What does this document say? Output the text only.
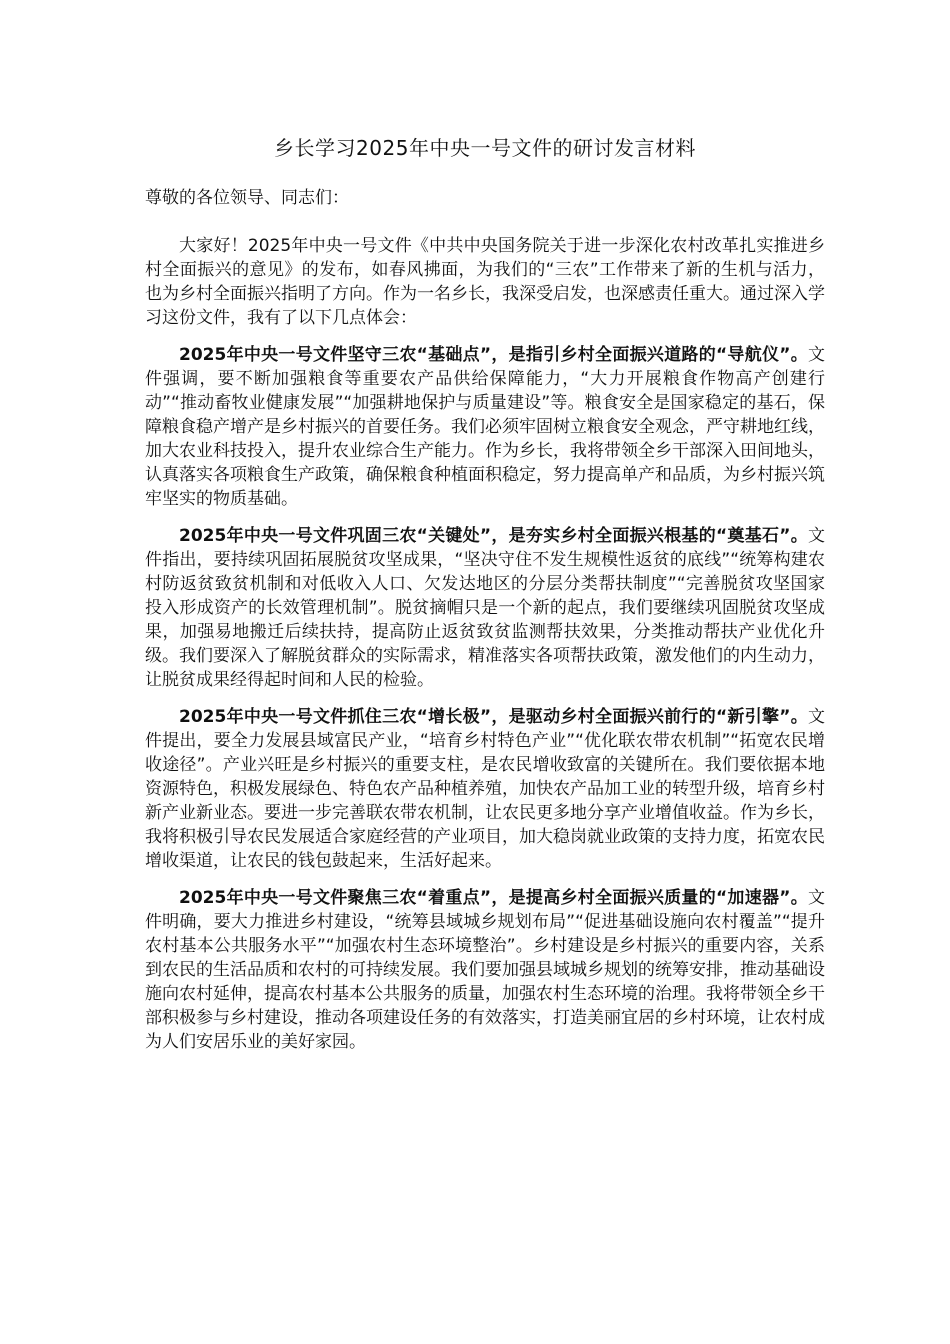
乡长学习2025年中央一号文件的研讨发言材料
尊敬的各位领导、同志们：

大家好！2025年中央一号文件《中共中央国务院关于进一步深化农村改革扎实推进乡村全面振兴的意见》的发布，如春风拂面，为我们的“三农”工作带来了新的生机与活力，也为乡村全面振兴指明了方向。作为一名乡长，我深受启发，也深感责任重大。通过深入学习这份文件，我有了以下几点体会：

2025年中央一号文件坚守三农“基础点”，是指引乡村全面振兴道路的“导航仪”。文件强调，要不断加强粮食等重要农产品供给保障能力，“大力开展粮食作物高产创建行动”“推动畜牧业健康发展”“加强耕地保护与质量建设”等。粮食安全是国家稳定的基石，保障粮食稳产增产是乡村振兴的首要任务。我们必须牢固树立粮食安全观念，严守耕地红线，加大农业科技投入，提升农业综合生产能力。作为乡长，我将带领全乡干部深入田间地头，认真落实各项粮食生产政策，确保粮食种植面积稳定，努力提高单产和品质，为乡村振兴筑牢坚实的物质基础。

2025年中央一号文件巩固三农“关键处”，是夯实乡村全面振兴根基的“奠基石”。文件指出，要持续巩固拓展脱贫攻坚成果，“坚决守住不发生规模性返贫的底线”“统筹构建农村防返贫致贫机制和对低收入人口、欠发达地区的分层分类帮扶制度”“完善脱贫攻坚国家投入形成资产的长效管理机制”。脱贫摘帽只是一个新的起点，我们要继续巩固脱贫攻坚成果，加强易地搬迁后续扶持，提高防止返贫致贫监测帮扶效果，分类推动帮扶产业优化升级。我们要深入了解脱贫群众的实际需求，精准落实各项帮扶政策，激发他们的内生动力，让脱贫成果经得起时间和人民的检验。

2025年中央一号文件抓住三农“增长极”，是驱动乡村全面振兴前行的“新引擎”。文件提出，要全力发展县域富民产业，“培育乡村特色产业”“优化联农带农机制”“拓宽农民增收途径”。产业兴旺是乡村振兴的重要支柱，是农民增收致富的关键所在。我们要依据本地资源特色，积极发展绿色、特色农产品种植养殖，加快农产品加工业的转型升级，培育乡村新产业新业态。要进一步完善联农带农机制，让农民更多地分享产业增值收益。作为乡长，我将积极引导农民发展适合家庭经营的产业项目，加大稳岗就业政策的支持力度，拓宽农民增收渠道，让农民的钱包鼓起来，生活好起来。

2025年中央一号文件聚焦三农“着重点”，是提高乡村全面振兴质量的“加速器”。文件明确，要大力推进乡村建设，“统筹县域城乡规划布局”“促进基础设施向农村覆盖”“提升农村基本公共服务水平”“加强农村生态环境整治”。乡村建设是乡村振兴的重要内容，关系到农民的生活品质和农村的可持续发展。我们要加强县域城乡规划的统筹安排，推动基础设施向农村延伸，提高农村基本公共服务的质量，加强农村生态环境的治理。我将带领全乡干部积极参与乡村建设，推动各项建设任务的有效落实，打造美丽宜居的乡村环境，让农村成为人们安居乐业的美好家园。
